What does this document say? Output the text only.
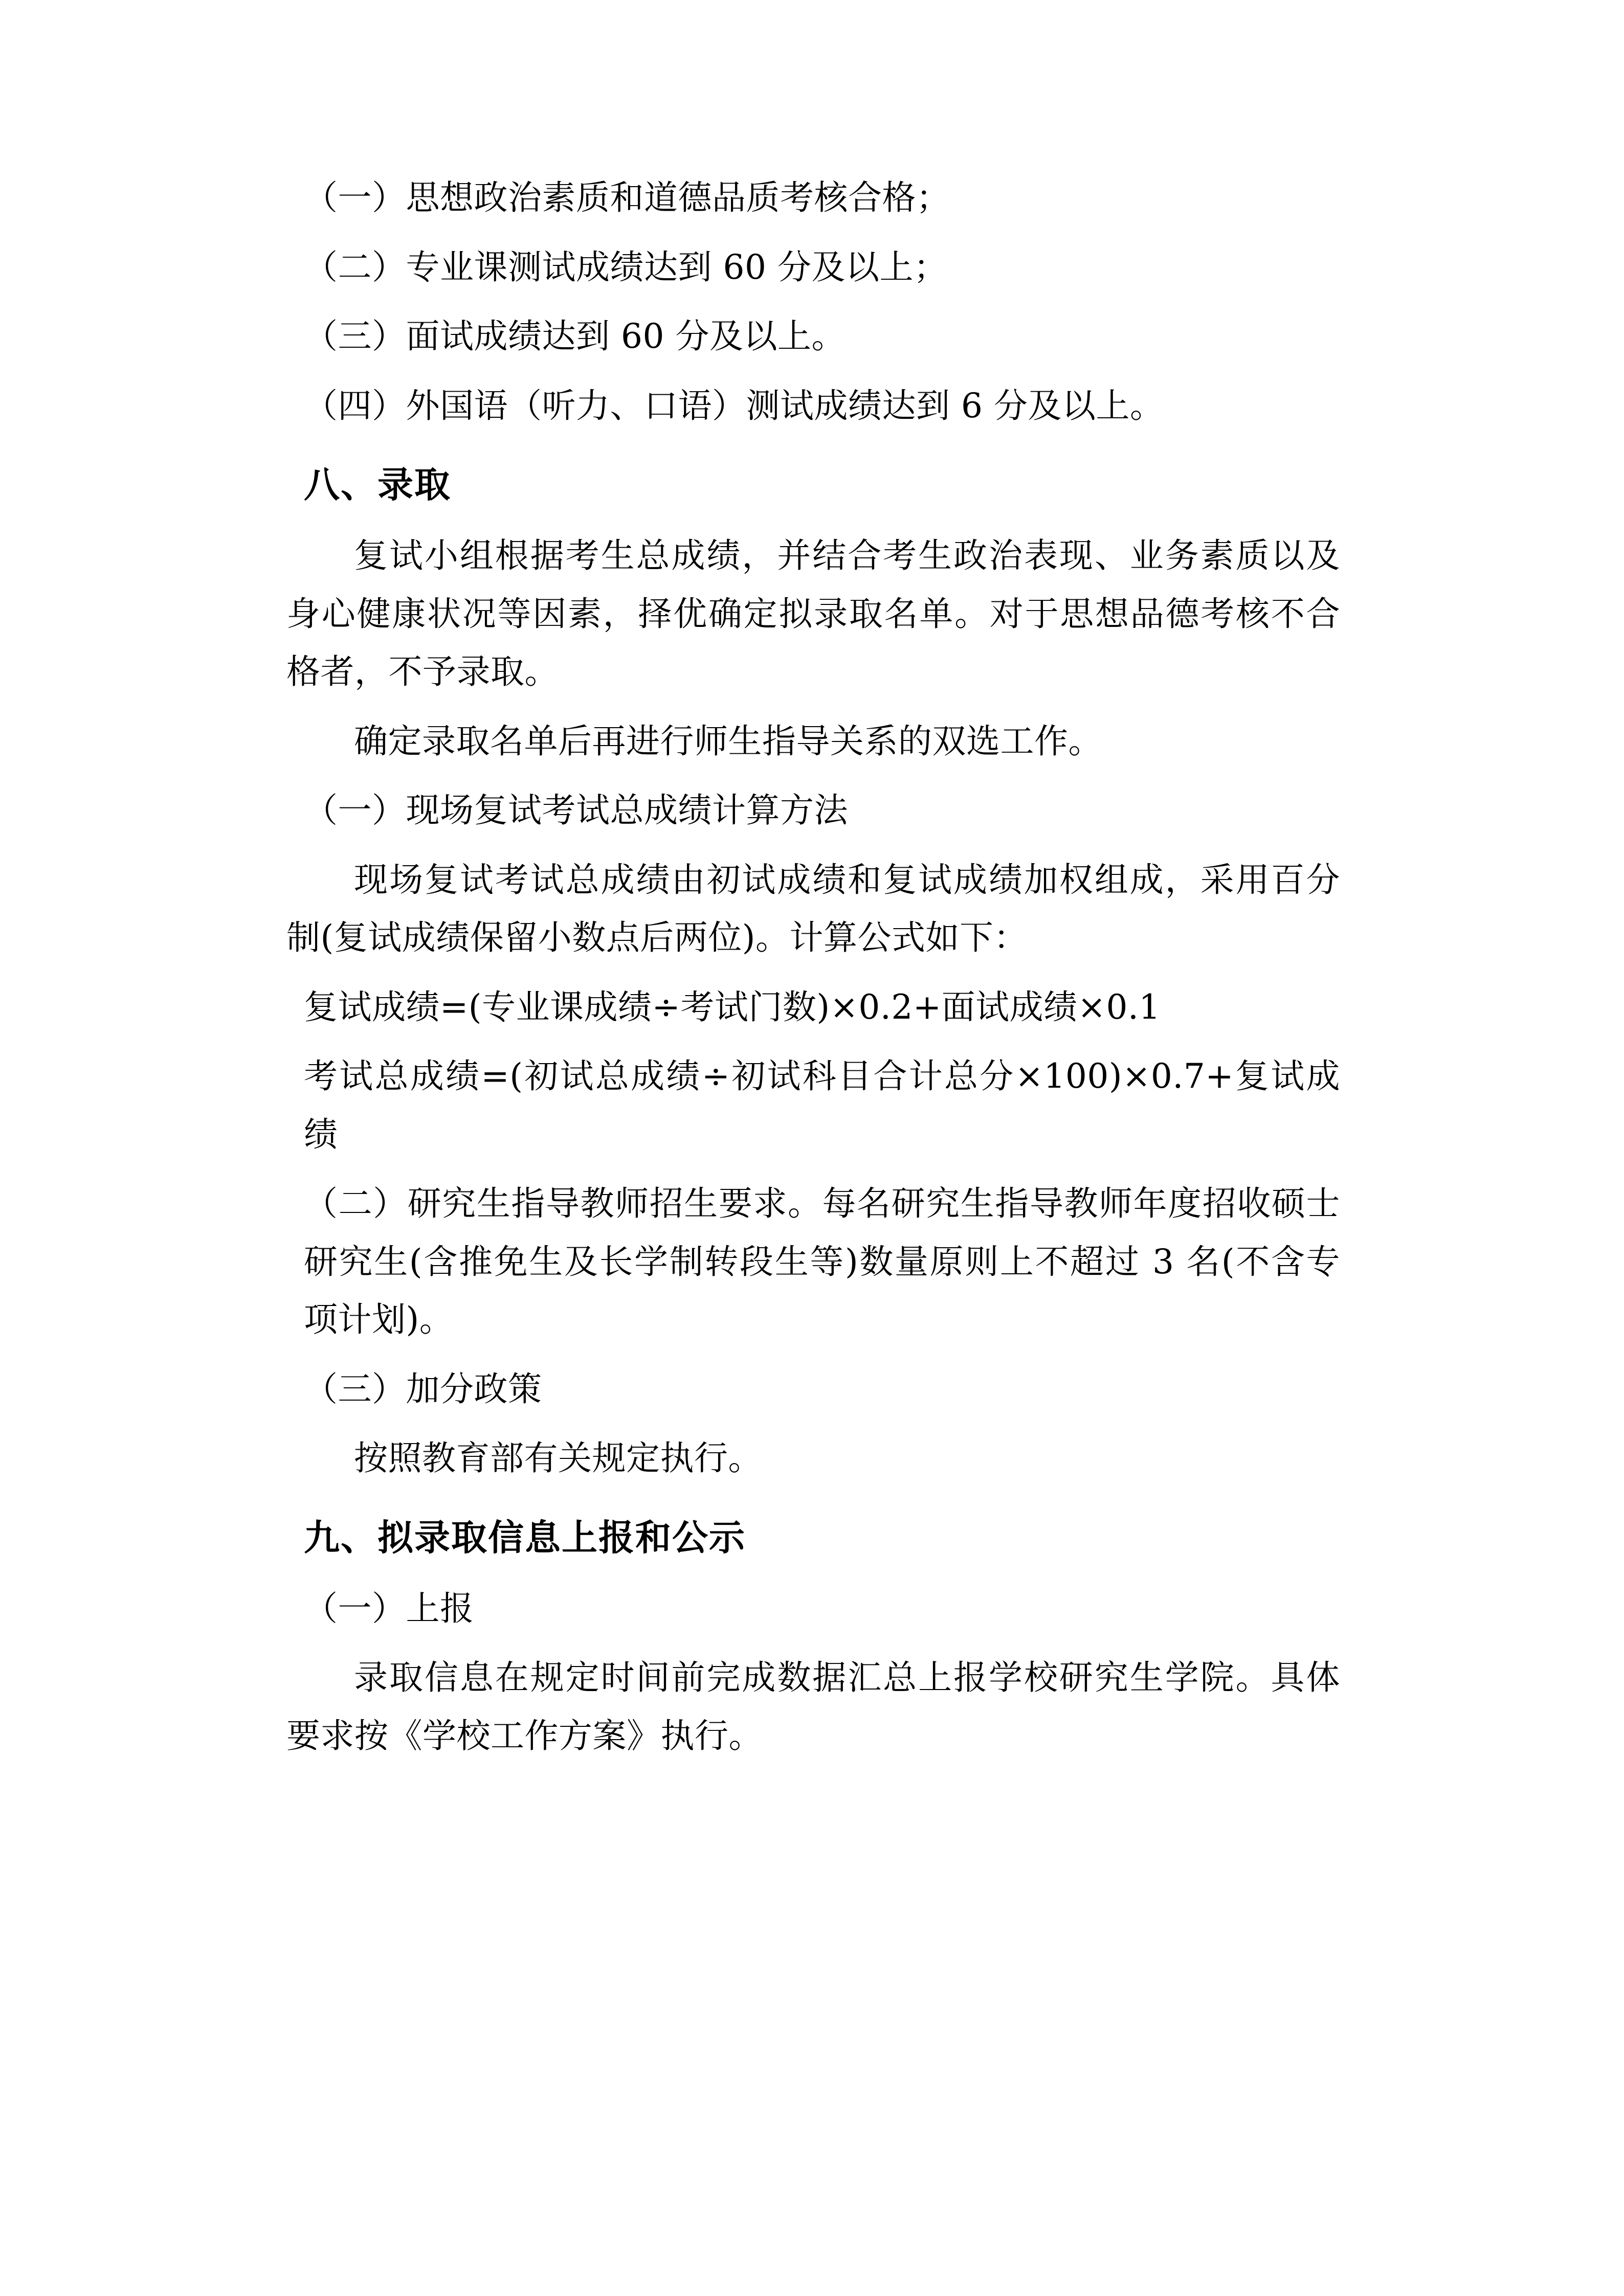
（一）思想政治素质和道德品质考核合格；

（二）专业课测试成绩达到 60 分及以上；

（三）面试成绩达到 60 分及以上。

（四）外国语（听力、口语）测试成绩达到 6 分及以上。

八、录取

复试小组根据考生总成绩，并结合考生政治表现、业务素质以及身心健康状况等因素，择优确定拟录取名单。对于思想品德考核不合格者，不予录取。

确定录取名单后再进行师生指导关系的双选工作。

（一）现场复试考试总成绩计算方法

现场复试考试总成绩由初试成绩和复试成绩加权组成，采用百分制(复试成绩保留小数点后两位)。计算公式如下：

复试成绩=(专业课成绩÷考试门数)×0.2+面试成绩×0.1

考试总成绩=(初试总成绩÷初试科目合计总分×100)×0.7+复试成绩

（二）研究生指导教师招生要求。每名研究生指导教师年度招收硕士研究生(含推免生及长学制转段生等)数量原则上不超过 3 名(不含专项计划)。

（三）加分政策

按照教育部有关规定执行。

九、拟录取信息上报和公示

（一）上报

录取信息在规定时间前完成数据汇总上报学校研究生学院。具体要求按《学校工作方案》执行。
